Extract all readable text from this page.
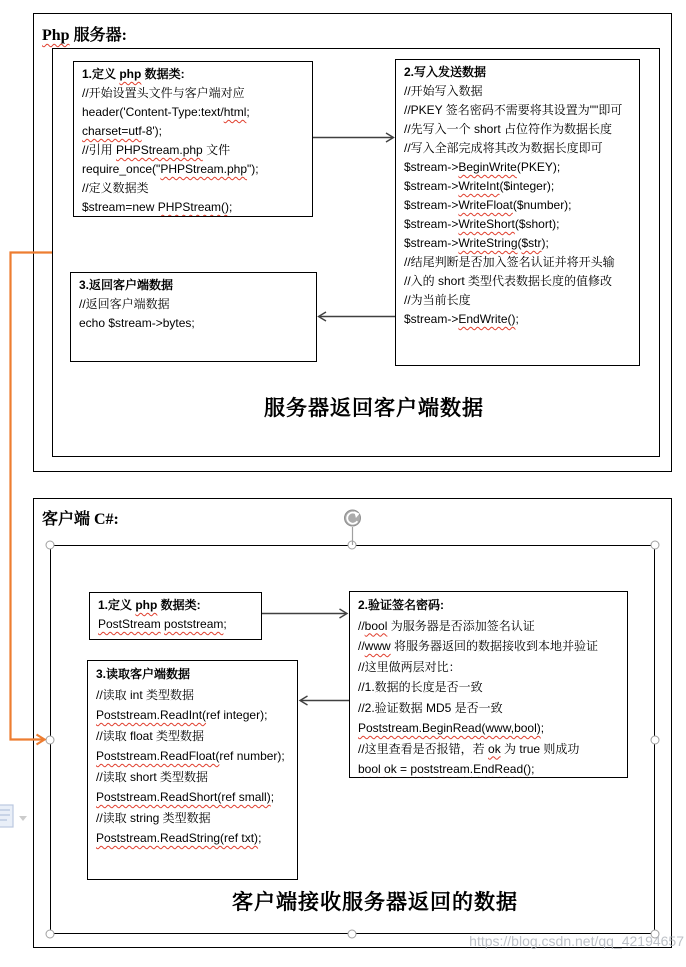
Php 服务器:
1.定义 php 数据类:
//开始设置头文件与客户端对应
header('Content-Type:text/html;
charset=utf-8');
//引用 PHPStream.php 文件
require_once("PHPStream.php");
//定义数据类
$stream=new PHPStream();
2.写入发送数据
//开始写入数据
//PKEY 签名密码不需要将其设置为""即可
//先写入一个 short 占位符作为数据长度
//写入全部完成将其改为数据长度即可
$stream->BeginWrite(PKEY);
$stream->WriteInt($integer);
$stream->WriteFloat($number);
$stream->WriteShort($short);
$stream->WriteString($str);
//结尾判断是否加入签名认证并将开头输
//入的 short 类型代表数据长度的值修改
//为当前长度
$stream->EndWrite();
3.返回客户端数据
//返回客户端数据
echo $stream->bytes;
服务器返回客户端数据
客户端 C#:
1.定义 php 数据类:
PostStream poststream;
2.验证签名密码:
//bool 为服务器是否添加签名认证
//www 将服务器返回的数据接收到本地并验证
//这里做两层对比：
//1.数据的长度是否一致
//2.验证数据 MD5 是否一致
Poststream.BeginRead(www,bool);
//这里查看是否报错，若 ok 为 true 则成功
bool ok = poststream.EndRead();
3.读取客户端数据
//读取 int 类型数据
Poststream.ReadInt(ref integer);
//读取 float 类型数据
Poststream.ReadFloat(ref number);
//读取 short 类型数据
Poststream.ReadShort(ref small);
//读取 string 类型数据
Poststream.ReadString(ref txt);
客户端接收服务器返回的数据
https://blog.csdn.net/qq_42194657
